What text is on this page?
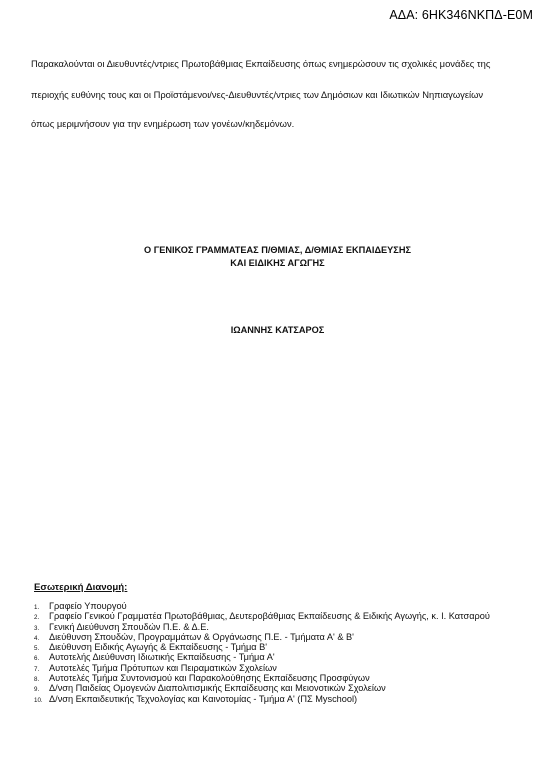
ΑΔΑ: 6ΗΚ346ΝΚΠΔ-Ε0Μ
Παρακαλούνται οι Διευθυντές/ντριες Πρωτοβάθμιας Εκπαίδευσης όπως ενημερώσουν τις σχολικές μονάδες της
περιοχής ευθύνης τους και οι Προϊστάμενοι/νες-Διευθυντές/ντριες των Δημόσιων και Ιδιωτικών Νηπιαγωγείων
όπως μεριμνήσουν για την ενημέρωση των γονέων/κηδεμόνων.
Ο ΓΕΝΙΚΟΣ ΓΡΑΜΜΑΤΕΑΣ Π/ΘΜΙΑΣ, Δ/ΘΜΙΑΣ ΕΚΠΑΙΔΕΥΣΗΣ
ΚΑΙ ΕΙΔΙΚΗΣ ΑΓΩΓΗΣ
ΙΩΑΝΝΗΣ ΚΑΤΣΑΡΟΣ
Εσωτερική Διανομή:
1.	Γραφείο Υπουργού
2.	Γραφείο Γενικού Γραμματέα Πρωτοβάθμιας, Δευτεροβάθμιας Εκπαίδευσης & Ειδικής Αγωγής, κ. Ι. Κατσαρού
3.	Γενική Διεύθυνση Σπουδών Π.Ε. & Δ.Ε.
4.	Διεύθυνση Σπουδών, Προγραμμάτων & Οργάνωσης Π.Ε. - Τμήματα Α' & Β'
5.	Διεύθυνση Ειδικής Αγωγής & Εκπαίδευσης - Τμήμα Β'
6.	Αυτοτελής Διεύθυνση Ιδιωτικής Εκπαίδευσης - Τμήμα Α'
7.	Αυτοτελές Τμήμα Πρότυπων και Πειραματικών Σχολείων
8.	Αυτοτελές Τμήμα Συντονισμού και Παρακολούθησης Εκπαίδευσης Προσφύγων
9.	Δ/νση Παιδείας Ομογενών Διαπολιτισμικής Εκπαίδευσης και Μειονοτικών Σχολείων
10. Δ/νση Εκπαιδευτικής Τεχνολογίας και Καινοτομίας - Τμήμα Α' (ΠΣ Myschool)
